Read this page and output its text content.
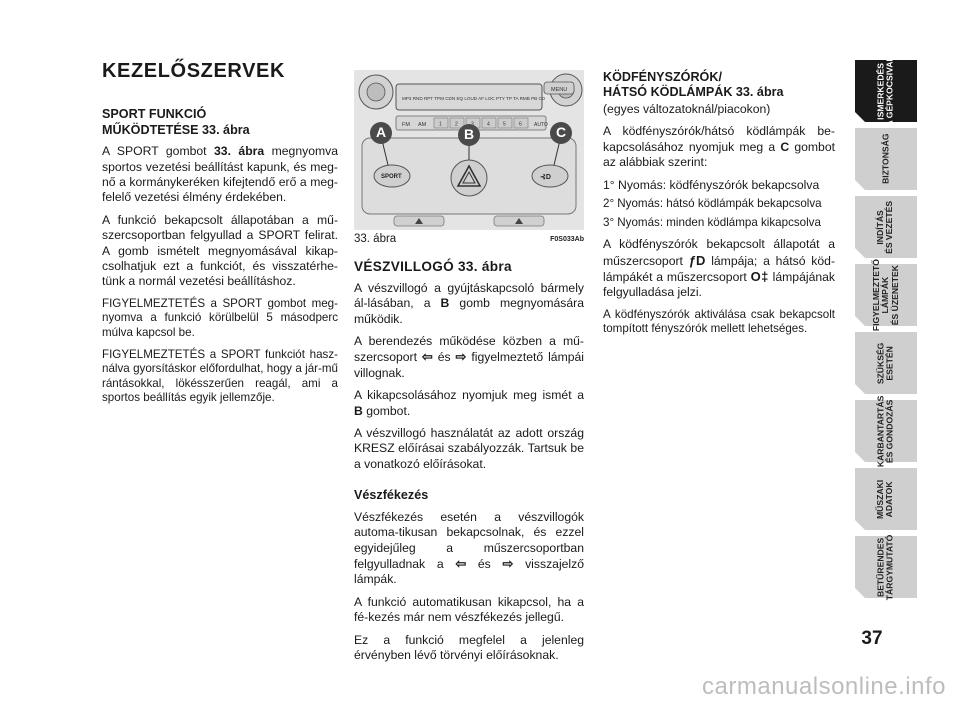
KEZELŐSZERVEK
SPORT FUNKCIÓ
MŰKÖDTETÉSE 33. ábra

A SPORT gombot 33. ábra megnyomva sportos vezetési beállítást kapunk, és meg-nő a kormánykeréken kifejtendő erő a meg-felelő vezetési élmény érdekében.

A funkció bekapcsolt állapotában a mű-szercsoportban felgyullad a SPORT felirat. A gomb ismételt megnyomásával kikap-csolhatjuk ezt a funkciót, és visszatérhe-tünk a normál vezetési beállításhoz.

FIGYELMEZTETÉS a SPORT gombot meg-nyomva a funkció körülbelül 5 másodperc múlva kapcsol be.

FIGYELMEZTETÉS a SPORT funkciót hasz-nálva gyorsításkor előfordulhat, hogy a jár-mű rántásokkal, lökésszerűen reagál, ami a sportos beállítás egyik jellemzője.

MP3 RND RPT TPM CDN EQ LOUD AF LOC PTY TP TA RMB PB CD
MENU
FM AM	AUTO
1	2	4	5	6
SPORT	⊰D
A	B	C
33. ábra	F0S033Ab
VÉSZVILLOGÓ 33. ábra

A vészvillogó a gyújtáskapcsoló bármely ál-lásában, a B gomb megnyomására működik.

A berendezés működése közben a mű-szercsoport ⇦ és ⇨ figyelmeztető lámpái villognak.

A kikapcsolásához nyomjuk meg ismét a B gombot.

A vészvillogó használatát az adott ország KRESZ előírásai szabályozzák. Tartsuk be a vonatkozó előírásokat.

Vészfékezés

Vészfékezés esetén a vészvillogók automa-tikusan bekapcsolnak, és ezzel egyidejűleg a műszercsoportban felgyulladnak a ⇦ és ⇨ visszajelző lámpák.

A funkció automatikusan kikapcsol, ha a fé-kezés már nem vészfékezés jellegű.

Ez a funkció megfelel a jelenleg érvényben lévő törvényi előírásoknak.

KÖDFÉNYSZÓRÓK/
HÁTSÓ KÖDLÁMPÁK 33. ábra

(egyes változatoknál/piacokon)

A ködfényszórók/hátsó ködlámpák be-kapcsolásához nyomjuk meg a C gombot az alábbiak szerint:

1° Nyomás: ködfényszórók bekapcsolva

2° Nyomás: hátsó ködlámpák bekapcsolva

3° Nyomás: minden ködlámpa kikapcsolva

A ködfényszórók bekapcsolt állapotát a műszercsoport ƒD lámpája; a hátsó köd-lámpákét a műszercsoport O‡ lámpájának felgyulladása jelzi.

A ködfényszórók aktiválása csak bekapcsolt tompított fényszórók mellett lehetséges.

ISMERKEDÉS
A GÉPKOCSIVAL
BIZTONSÁG
INDÍTÁS
ÉS VEZETÉS
FIGYELMEZTETŐ
LÁMPÁK
ÉS ÜZENETEK
SZÜKSÉG
ESETÉN
KARBANTARTÁS
ÉS GONDOZÁS
MŰSZAKI
ADATOK
BETŰRENDES
TÁRGYMUTATÓ
37
carmanualsonline.info
